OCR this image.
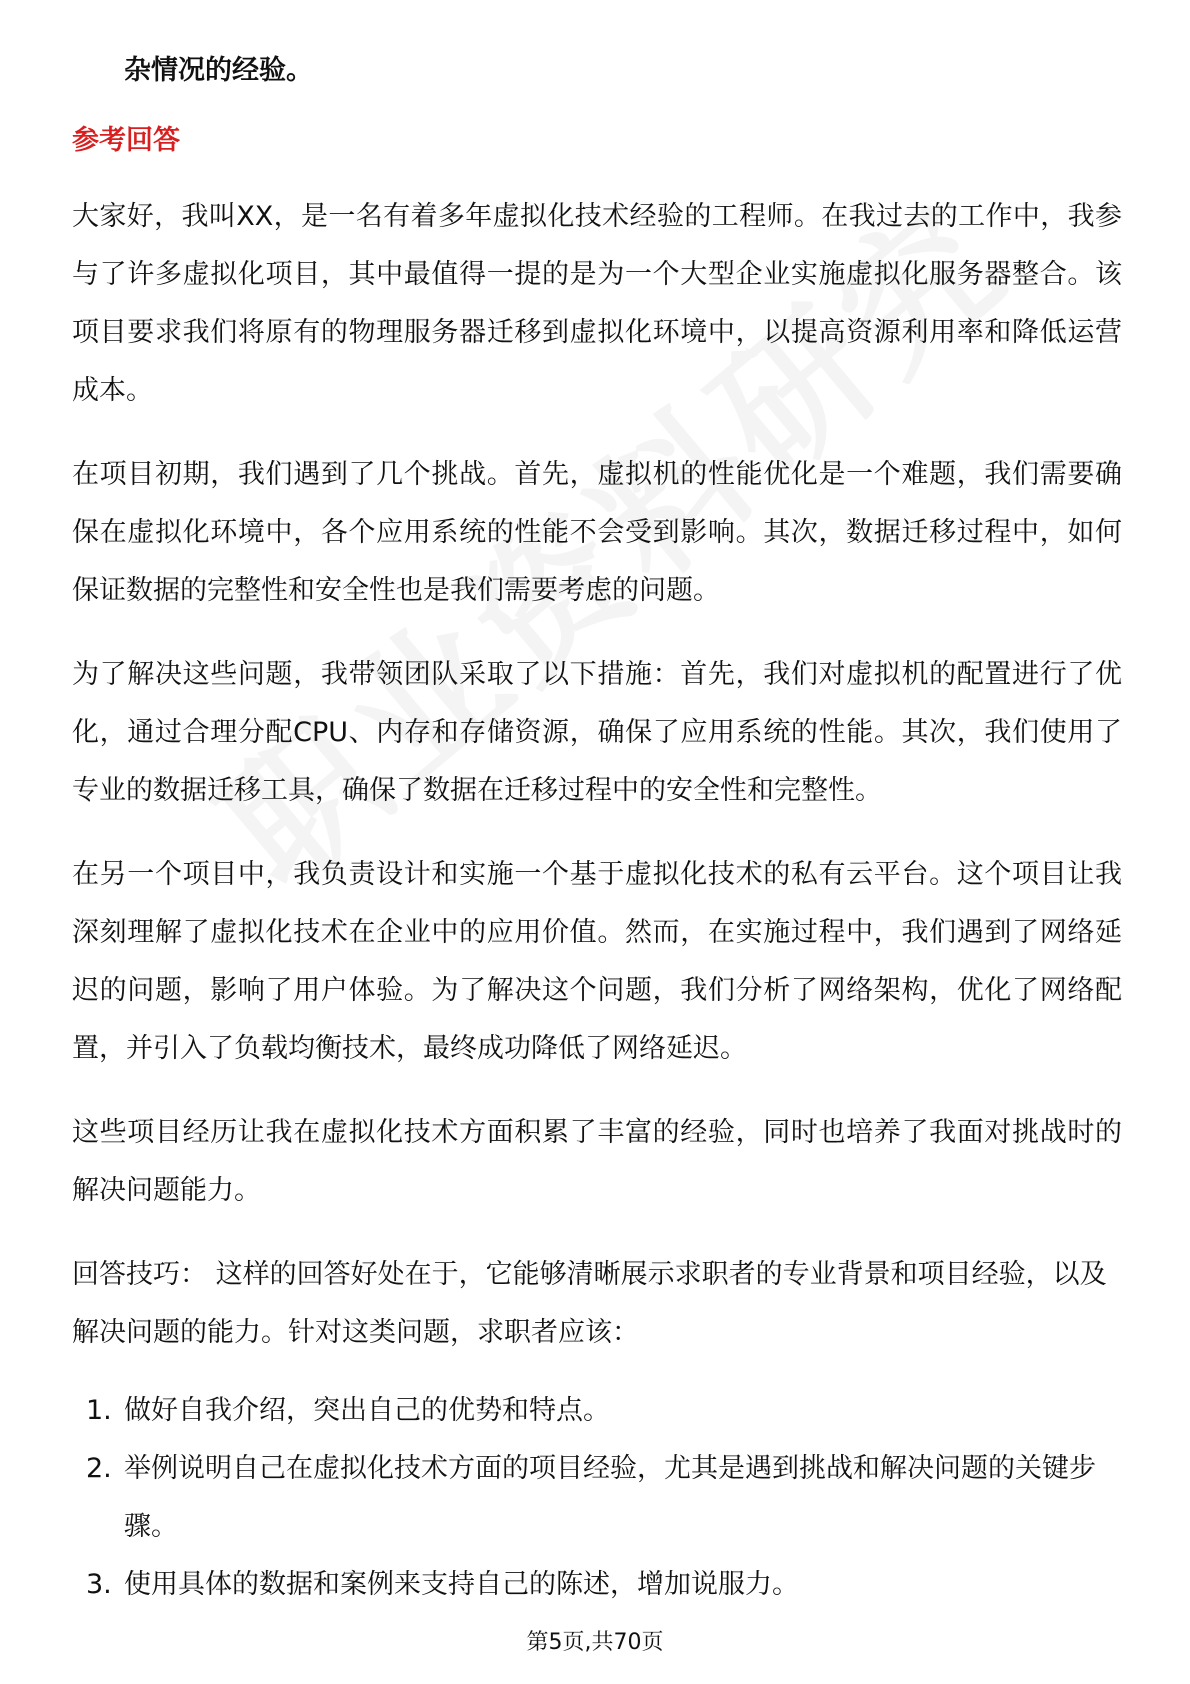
杂情况的经验。

参考回答

大家好，我叫XX，是一名有着多年虚拟化技术经验的工程师。在我过去的工作中，我参与了许多虚拟化项目，其中最值得一提的是为一个大型企业实施虚拟化服务器整合。该项目要求我们将原有的物理服务器迁移到虚拟化环境中，以提高资源利用率和降低运营成本。

在项目初期，我们遇到了几个挑战。首先，虚拟机的性能优化是一个难题，我们需要确保在虚拟化环境中，各个应用系统的性能不会受到影响。其次，数据迁移过程中，如何保证数据的完整性和安全性也是我们需要考虑的问题。

为了解决这些问题，我带领团队采取了以下措施：首先，我们对虚拟机的配置进行了优化，通过合理分配CPU、内存和存储资源，确保了应用系统的性能。其次，我们使用了专业的数据迁移工具，确保了数据在迁移过程中的安全性和完整性。

在另一个项目中，我负责设计和实施一个基于虚拟化技术的私有云平台。这个项目让我深刻理解了虚拟化技术在企业中的应用价值。然而，在实施过程中，我们遇到了网络延迟的问题，影响了用户体验。为了解决这个问题，我们分析了网络架构，优化了网络配置，并引入了负载均衡技术，最终成功降低了网络延迟。

这些项目经历让我在虚拟化技术方面积累了丰富的经验，同时也培养了我面对挑战时的解决问题能力。

回答技巧： 这样的回答好处在于，它能够清晰展示求职者的专业背景和项目经验，以及解决问题的能力。针对这类问题，求职者应该：

1. 做好自我介绍，突出自己的优势和特点。
2. 举例说明自己在虚拟化技术方面的项目经验，尤其是遇到挑战和解决问题的关键步骤。
3. 使用具体的数据和案例来支持自己的陈述，增加说服力。
第5页,共70页
